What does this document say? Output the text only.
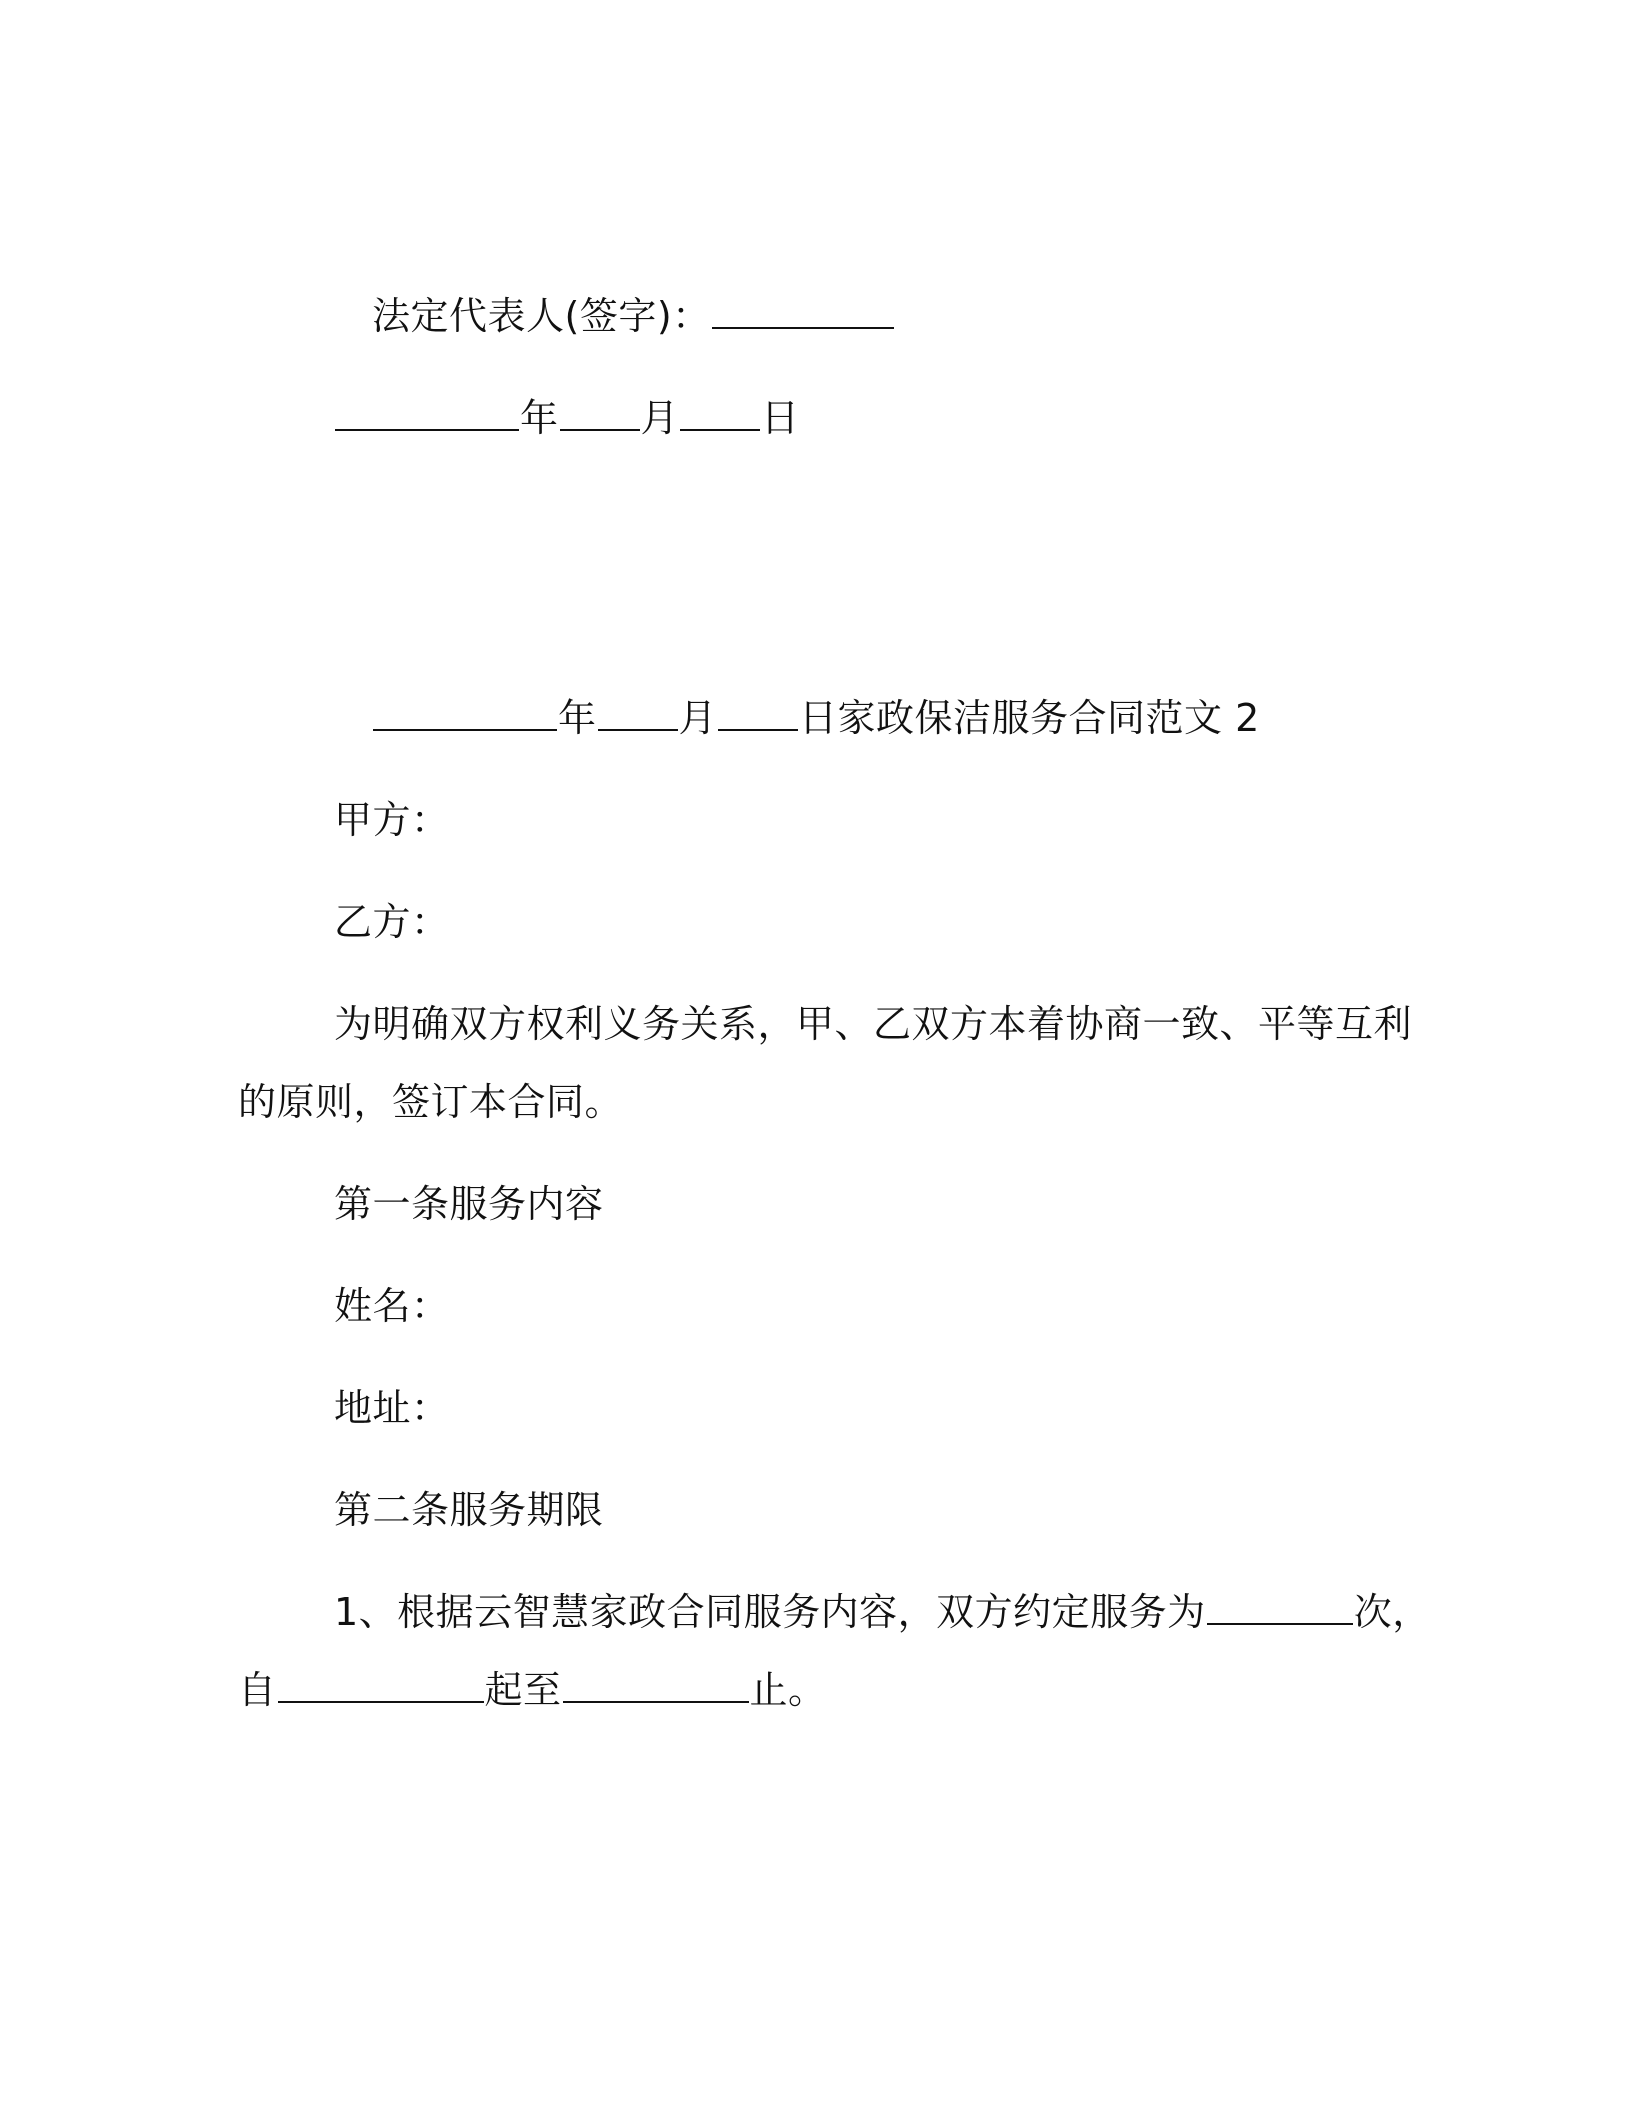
法定代表人(签字)：
年 月 日
年 月 日家政保洁服务合同范文 2
甲方：
乙方：
为明确双方权利义务关系，甲、乙双方本着协商一致、平等互利
的原则，签订本合同。
第一条服务内容
姓名：
地址：
第二条服务期限
1、根据云智慧家政合同服务内容，双方约定服务为	次，
自	起至	止。
